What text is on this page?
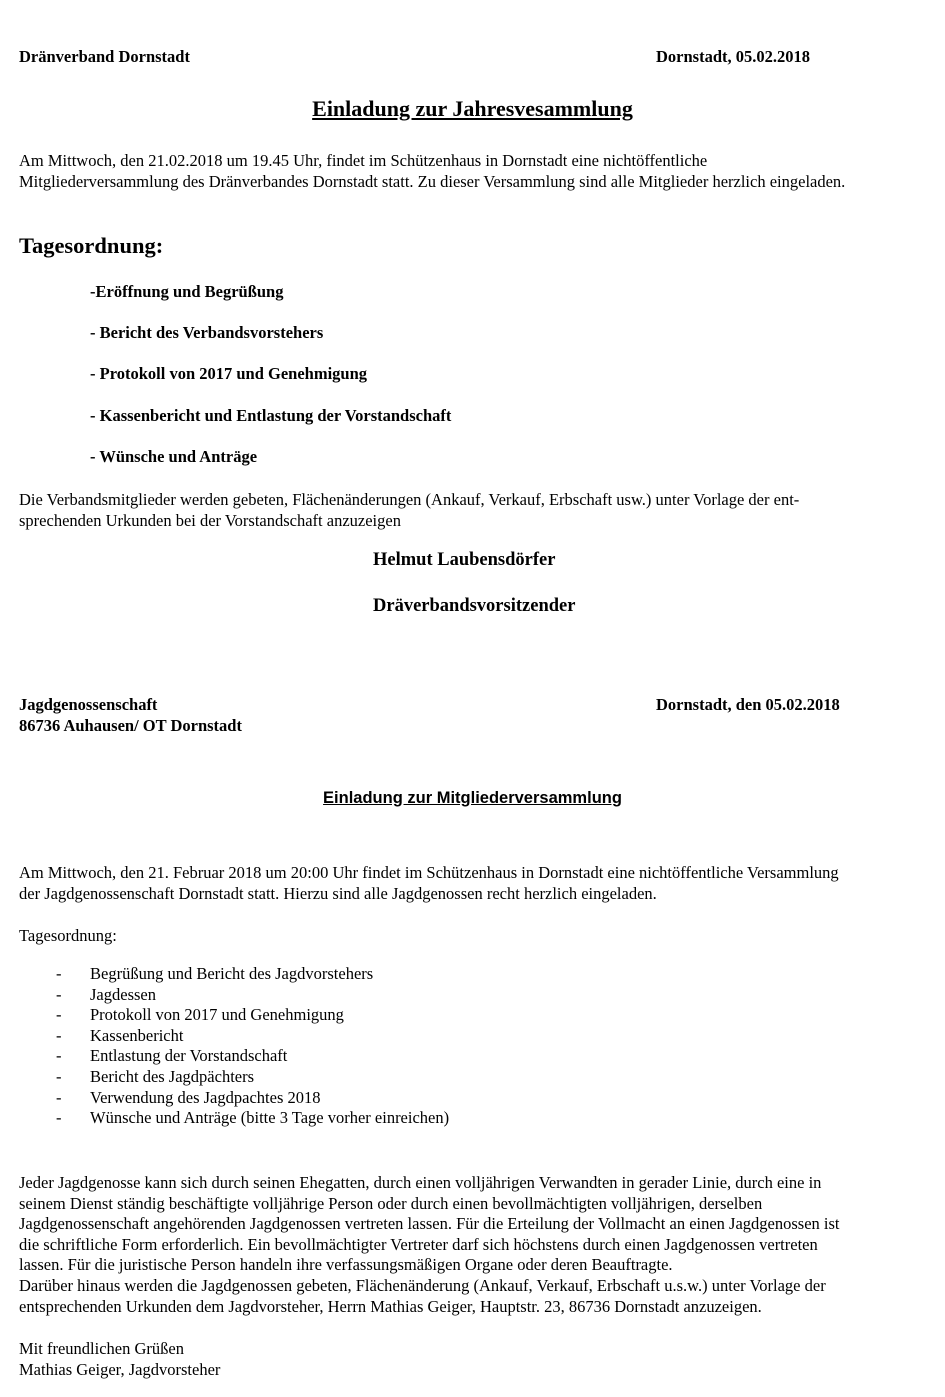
Dränverband Dornstadt	Dornstadt, 05.02.2018
Einladung zur Jahresvesammlung
Am Mittwoch, den 21.02.2018 um 19.45 Uhr, findet im Schützenhaus in Dornstadt eine nichtöffentliche
Mitgliederversammlung des Dränverbandes Dornstadt statt. Zu dieser Versammlung sind alle Mitglieder herzlich eingeladen.
Tagesordnung:
-Eröffnung und Begrüßung
- Bericht des Verbandsvorstehers
- Protokoll von 2017 und Genehmigung
- Kassenbericht und Entlastung der Vorstandschaft
- Wünsche und Anträge
Die Verbandsmitglieder werden gebeten, Flächenänderungen (Ankauf, Verkauf, Erbschaft usw.) unter Vorlage der ent-
sprechenden Urkunden bei der Vorstandschaft anzuzeigen
Helmut Laubensdörfer
Dräverbandsvorsitzender
Jagdgenossenschaft
86736 Auhausen/ OT Dornstadt
Dornstadt, den 05.02.2018
Einladung zur Mitgliederversammlung
Am Mittwoch, den 21. Februar 2018 um 20:00 Uhr findet im Schützenhaus in Dornstadt eine nichtöffentliche Versammlung
der Jagdgenossenschaft Dornstadt statt. Hierzu sind alle Jagdgenossen recht herzlich eingeladen.
Tagesordnung:
- Begrüßung und Bericht des Jagdvorstehers
- Jagdessen
- Protokoll von 2017 und Genehmigung
- Kassenbericht
- Entlastung der Vorstandschaft
- Bericht des Jagdpächters
- Verwendung des Jagdpachtes 2018
- Wünsche und Anträge (bitte 3 Tage vorher einreichen)
Jeder Jagdgenosse kann sich durch seinen Ehegatten, durch einen volljährigen Verwandten in gerader Linie, durch eine in
seinem Dienst ständig beschäftigte volljährige Person oder durch einen bevollmächtigten volljährigen, derselben
Jagdgenossenschaft angehörenden Jagdgenossen vertreten lassen. Für die Erteilung der Vollmacht an einen Jagdgenossen ist
die schriftliche Form erforderlich. Ein bevollmächtigter Vertreter darf sich höchstens durch einen Jagdgenossen vertreten
lassen. Für die juristische Person handeln ihre verfassungsmäßigen Organe oder deren Beauftragte.
Darüber hinaus werden die Jagdgenossen gebeten, Flächenänderung (Ankauf, Verkauf, Erbschaft u.s.w.) unter Vorlage der
entsprechenden Urkunden dem Jagdvorsteher, Herrn Mathias Geiger, Hauptstr. 23, 86736 Dornstadt anzuzeigen.
Mit freundlichen Grüßen
Mathias Geiger, Jagdvorsteher
